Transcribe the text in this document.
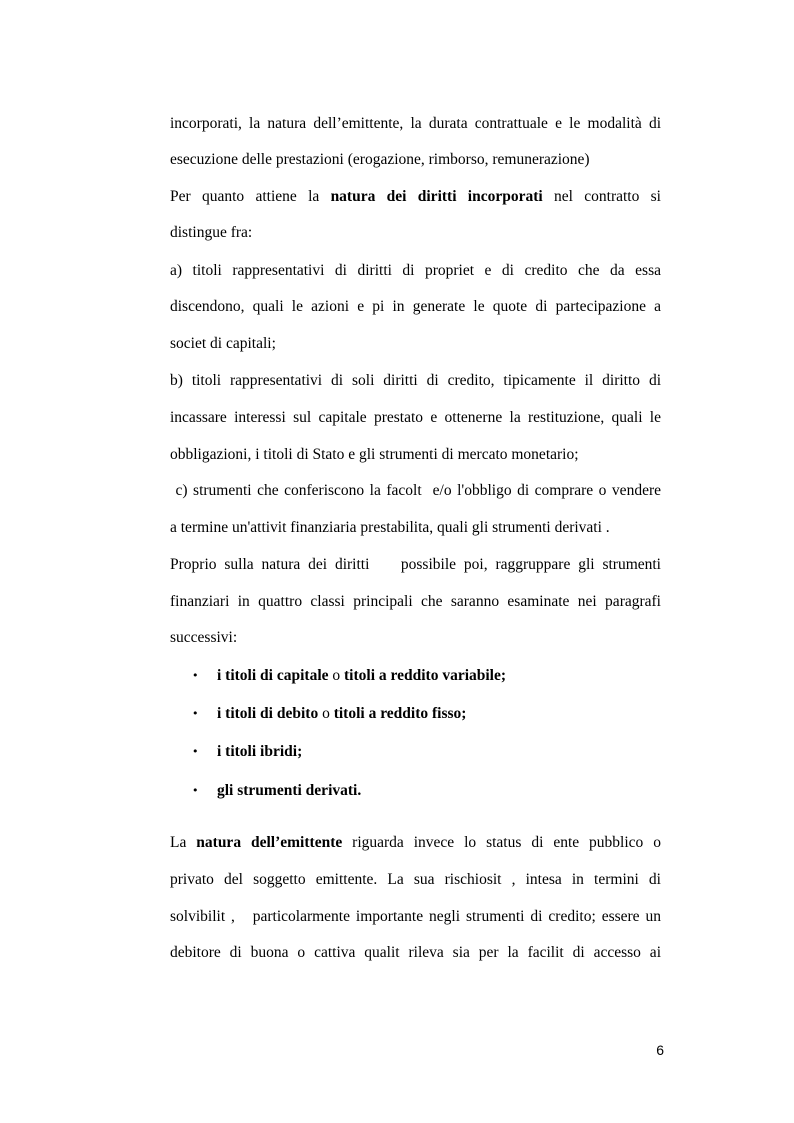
incorporati, la natura dell’emittente, la durata contrattuale e le modalità di
esecuzione delle prestazioni (erogazione, rimborso, remunerazione)
Per quanto attiene la natura dei diritti incorporati nel contratto si
distingue fra:
a) titoli rappresentativi di diritti di propriet e di credito che da essa
discendono, quali le azioni e pi in generate le quote di partecipazione a
societ di capitali;
b) titoli rappresentativi di soli diritti di credito, tipicamente il diritto di
incassare interessi sul capitale prestato e ottenerne la restituzione, quali le
obbligazioni, i titoli di Stato e gli strumenti di mercato monetario;
c) strumenti che conferiscono la facolt  e/o l'obbligo di comprare o vendere
a termine un'attivit finanziaria prestabilita, quali gli strumenti derivati .
Proprio sulla natura dei diritti    possibile poi, raggruppare gli strumenti
finanziari in quattro classi principali che saranno esaminate nei paragrafi
successivi:
•	i titoli di capitale o titoli a reddito variabile;
•	i titoli di debito o titoli a reddito fisso;
•	i titoli ibridi;
•	gli strumenti derivati.
La natura dell’emittente riguarda invece lo status di ente pubblico o
privato del soggetto emittente. La sua rischiosit , intesa in termini di
solvibilit ,   particolarmente importante negli strumenti di credito; essere un
debitore di buona o cattiva qualit rileva sia per la facilit di accesso ai
6
